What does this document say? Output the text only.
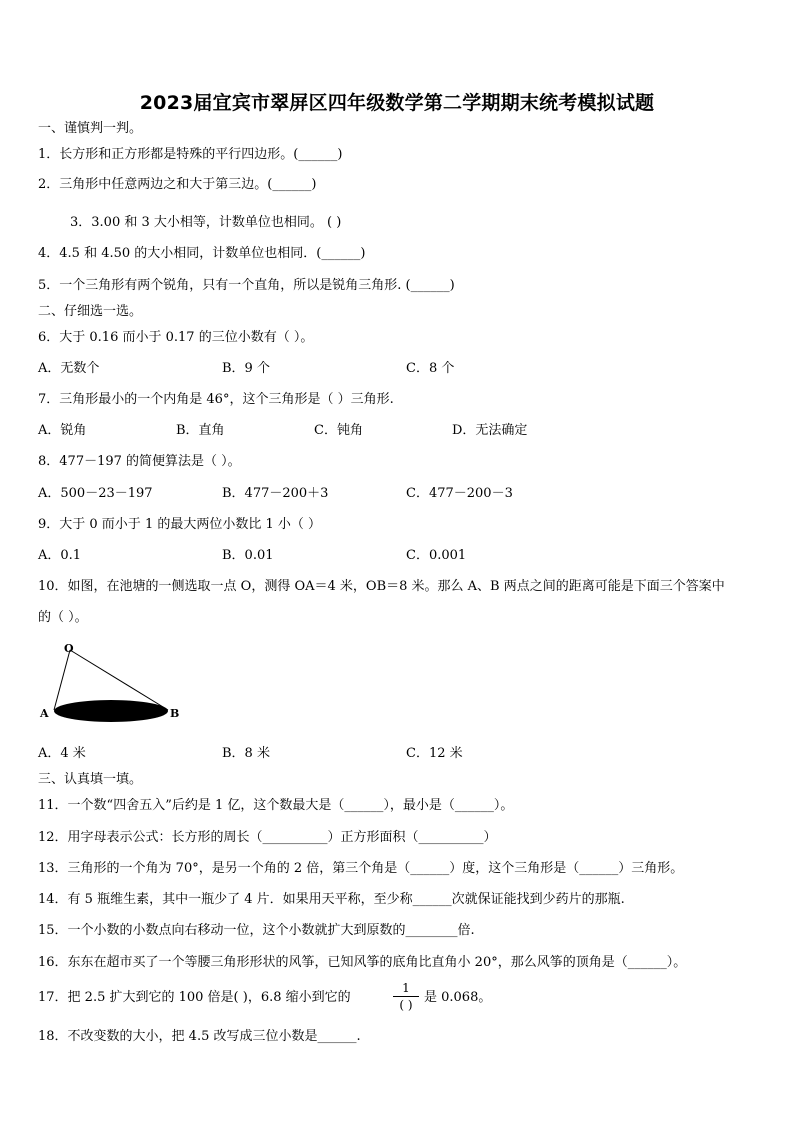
2023届宜宾市翠屏区四年级数学第二学期期末统考模拟试题
一、谨慎判一判。
1．长方形和正方形都是特殊的平行四边形。(______)
2．三角形中任意两边之和大于第三边。(______)
3．3.00 和 3 大小相等，计数单位也相同。 ( )
4．4.5 和 4.50 的大小相同，计数单位也相同．(______)
5．一个三角形有两个锐角，只有一个直角，所以是锐角三角形. (______)
二、仔细选一选。
6．大于 0.16 而小于 0.17 的三位小数有（ ）。
A．无数个	B．9 个	C．8 个
7．三角形最小的一个内角是 46°，这个三角形是（ ）三角形.
A．锐角	B．直角	C．钝角	D．无法确定
8．477－197 的简便算法是（ ）。
A．500－23－197	B．477－200＋3	C．477－200－3
9．大于 0 而小于 1 的最大两位小数比 1 小（ ）
A．0.1	B．0.01	C．0.001
10．如图，在池塘的一侧选取一点 O，测得 OA＝4 米，OB＝8 米。那么 A、B 两点之间的距离可能是下面三个答案中
的（ ）。
O
A	B
A．4 米	B．8 米	C．12 米
三、认真填一填。
11．一个数“四舍五入”后约是 1 亿，这个数最大是（______），最小是（______）。
12．用字母表示公式：长方形的周长（__________）正方形面积（__________）
13．三角形的一个角为 70°，是另一个角的 2 倍，第三个角是（______）度，这个三角形是（______）三角形。
14．有 5 瓶维生素，其中一瓶少了 4 片．如果用天平称，至少称______次就保证能找到少药片的那瓶.
15．一个小数的小数点向右移动一位，这个小数就扩大到原数的________倍.
16．东东在超市买了一个等腰三角形形状的风筝，已知风筝的底角比直角小 20°，那么风筝的顶角是（______）。
17．把 2.5 扩大到它的 100 倍是( )，6.8 缩小到它的
1
( ) 是 0.068。
18．不改变数的大小，把 4.5 改写成三位小数是______.
